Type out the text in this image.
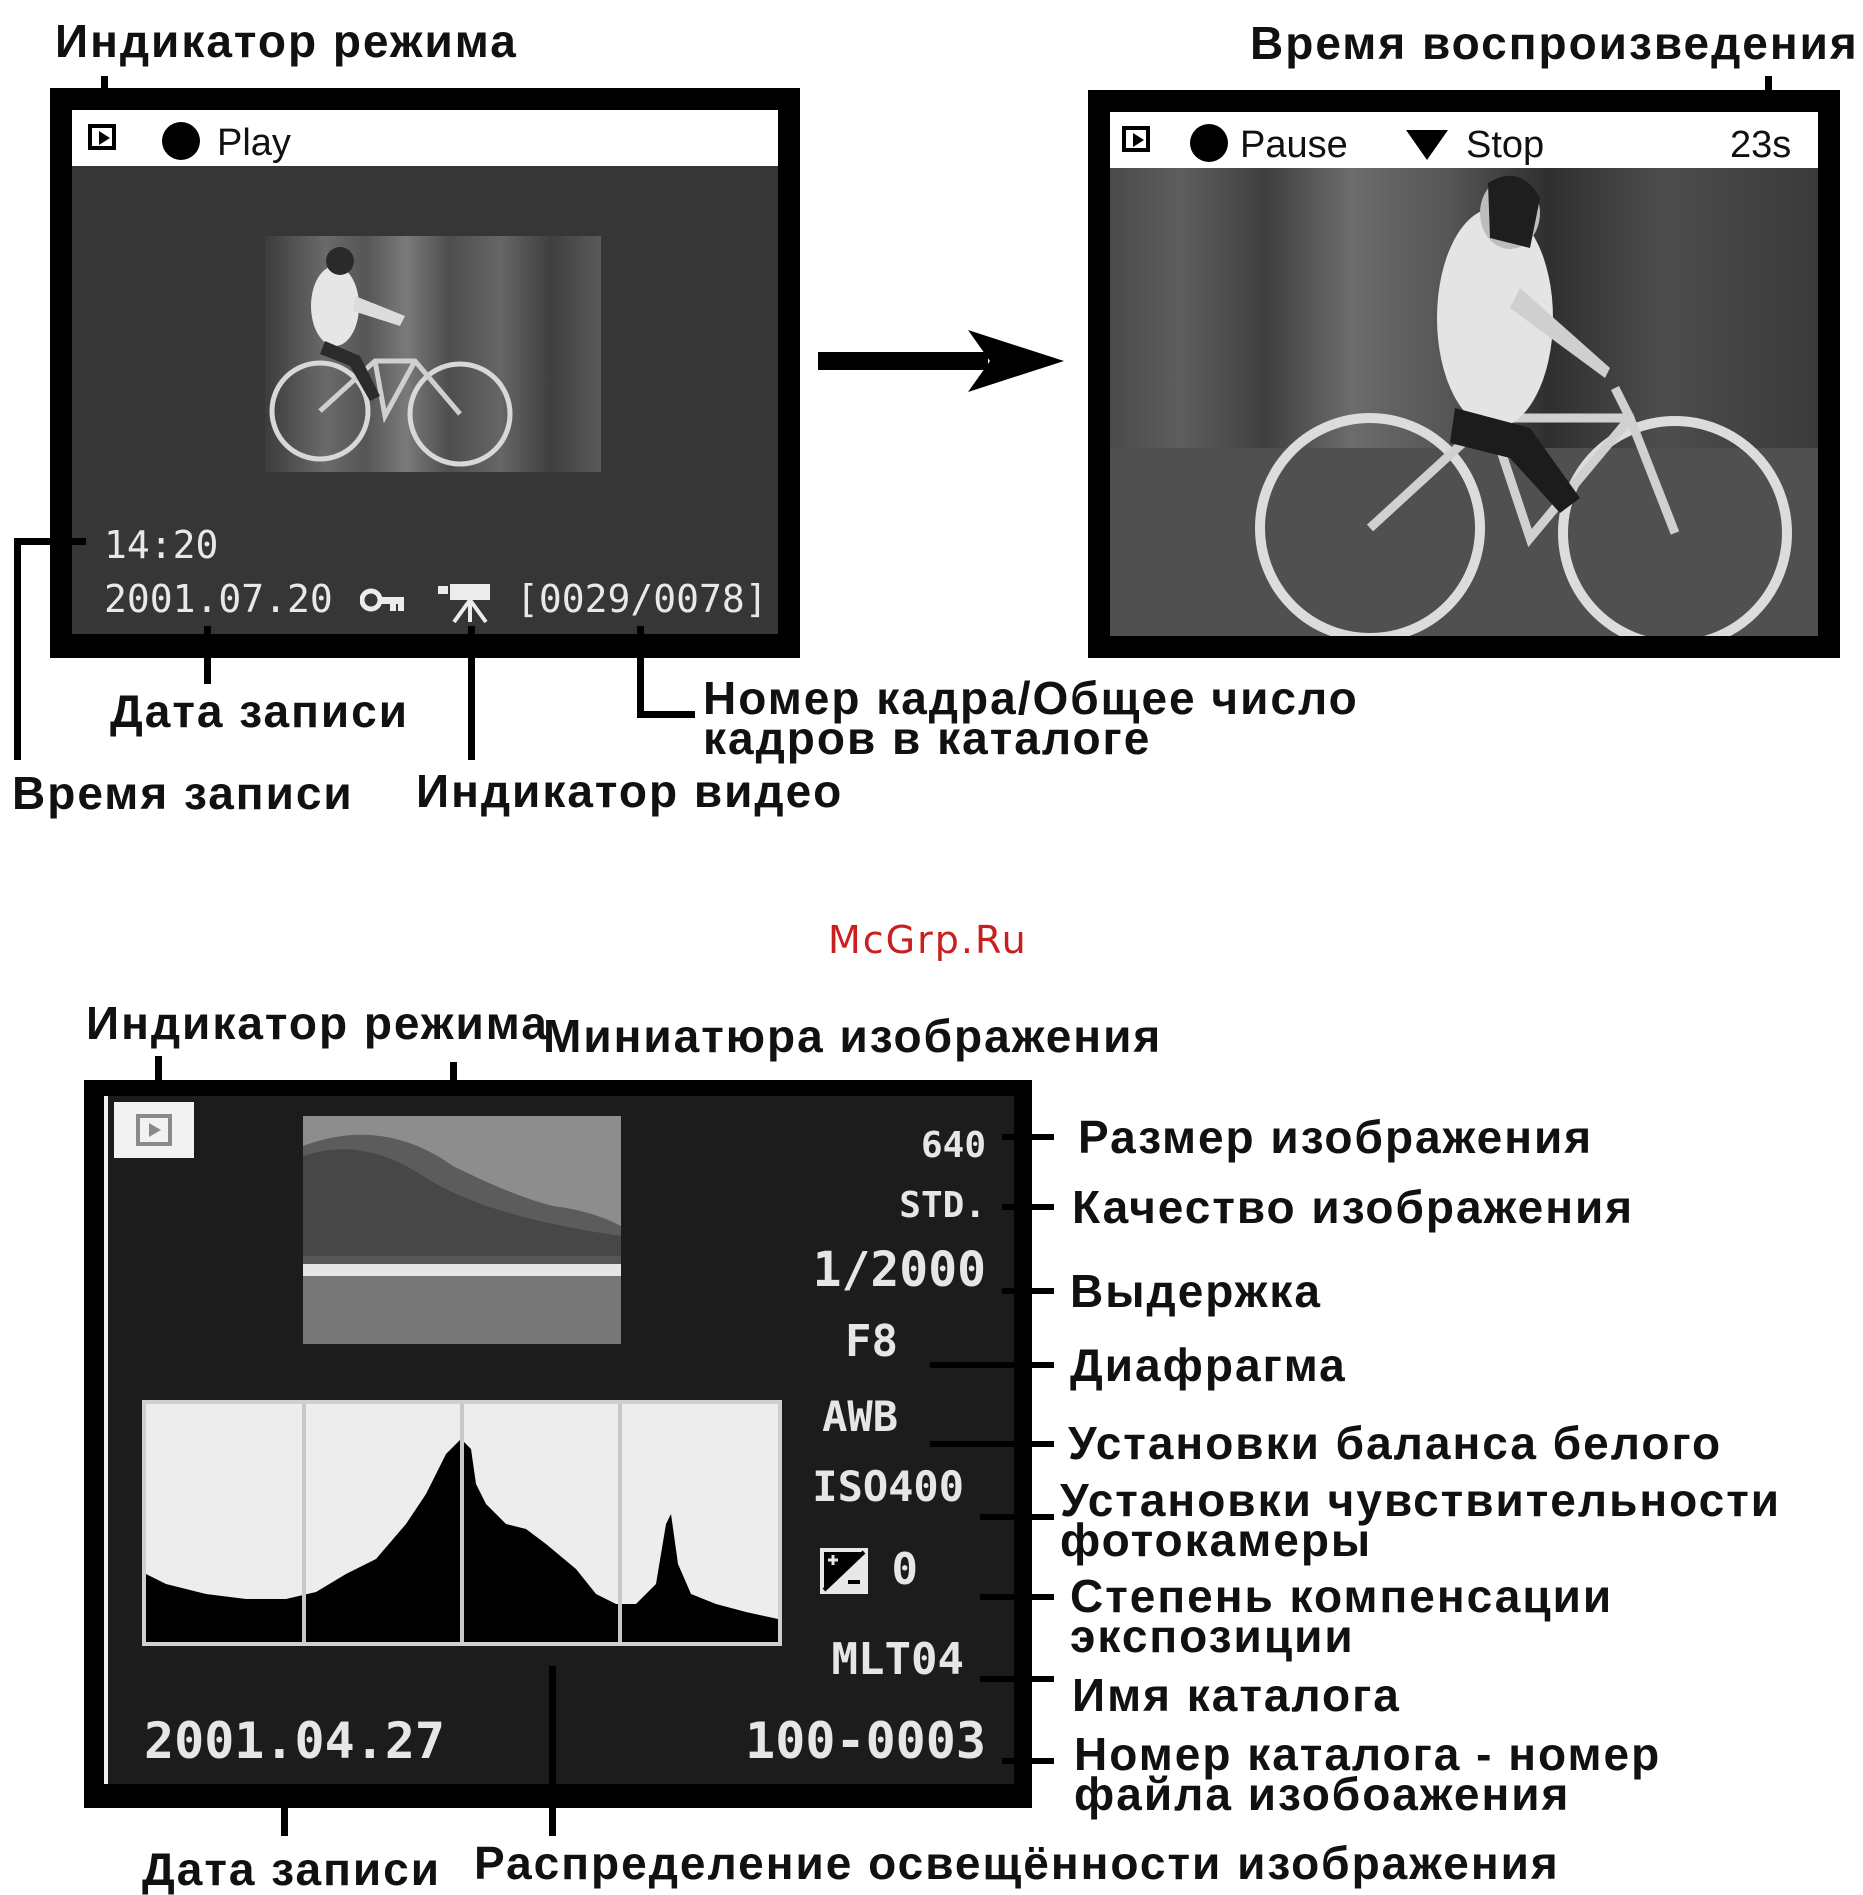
Индикатор режима	Время воспроизведения
Play
14:20
2001.07.20	[0029/0078]
Дата записи
Время записи Индикатор видео
Номер кадра/Общее число
кадров в каталоге
Pause	Stop	23s
McGrp.Ru
Индикатор режима
Миниатюра изображения
640
STD.
1/2000
F8
AWB
ISO400
0
MLT04
2001.04.27	100-0003
Размер изображения
Качество изображения
Выдержка
Диафрагма
Установки баланса белого
Установки чувствительности
фотокамеры
Степень компенсации
экспозиции
Имя каталога
Номер каталога - номер
файла изобоажения
Дата записи Распределение освещённости изображения
